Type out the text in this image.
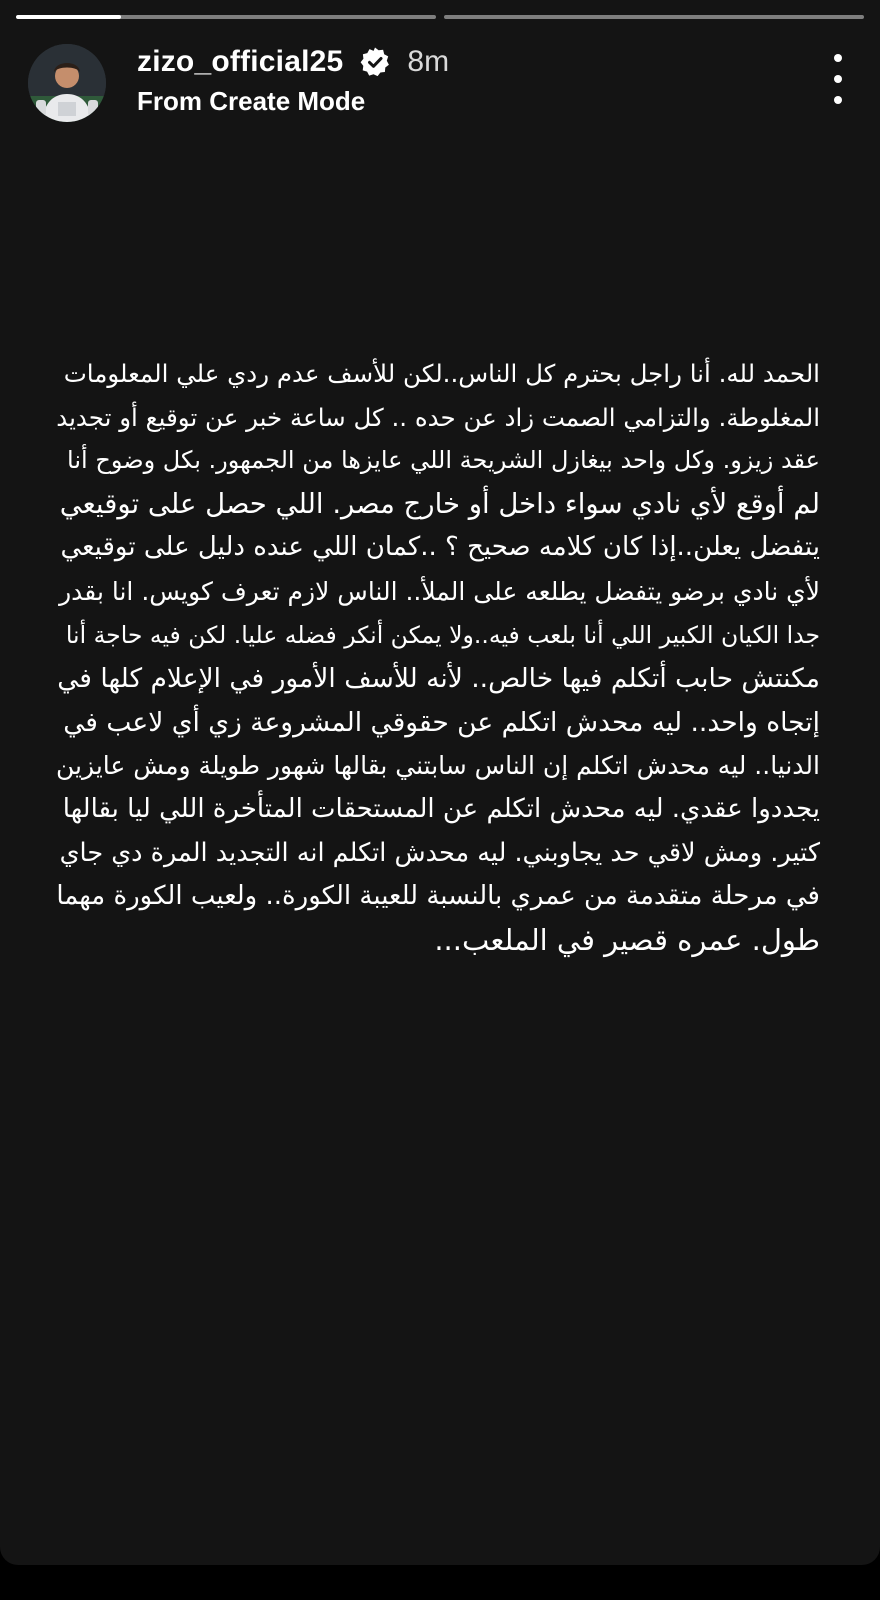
zizo_official25 8m
From Create Mode
الحمد لله. أنا راجل بحترم كل الناس..لكن للأسف عدم ردي علي المعلومات
المغلوطة. والتزامي الصمت زاد عن حده .. كل ساعة خبر عن توقيع أو تجديد
عقد زيزو. وكل واحد بيغازل الشريحة اللي عايزها من الجمهور. بكل وضوح أنا
لم أوقع لأي نادي سواء داخل أو خارج مصر. اللي حصل على توقيعي
يتفضل يعلن..إذا كان كلامه صحيح ؟ ..كمان اللي عنده دليل على توقيعي
لأي نادي برضو يتفضل يطلعه على الملأ.. الناس لازم تعرف كويس. انا بقدر
جدا الكيان الكبير اللي أنا بلعب فيه..ولا يمكن أنكر فضله عليا. لكن فيه حاجة أنا
مكنتش حابب أتكلم فيها خالص.. لأنه للأسف الأمور في الإعلام كلها في
إتجاه واحد.. ليه محدش اتكلم عن حقوقي المشروعة زي أي لاعب في
الدنيا.. ليه محدش اتكلم إن الناس سابتني بقالها شهور طويلة ومش عايزين
يجددوا عقدي. ليه محدش اتكلم عن المستحقات المتأخرة اللي ليا بقالها
كتير. ومش لاقي حد يجاوبني. ليه محدش اتكلم انه التجديد المرة دي جاي
في مرحلة متقدمة من عمري بالنسبة للعيبة الكورة.. ولعيب الكورة مهما
طول. عمره قصير في الملعب...
